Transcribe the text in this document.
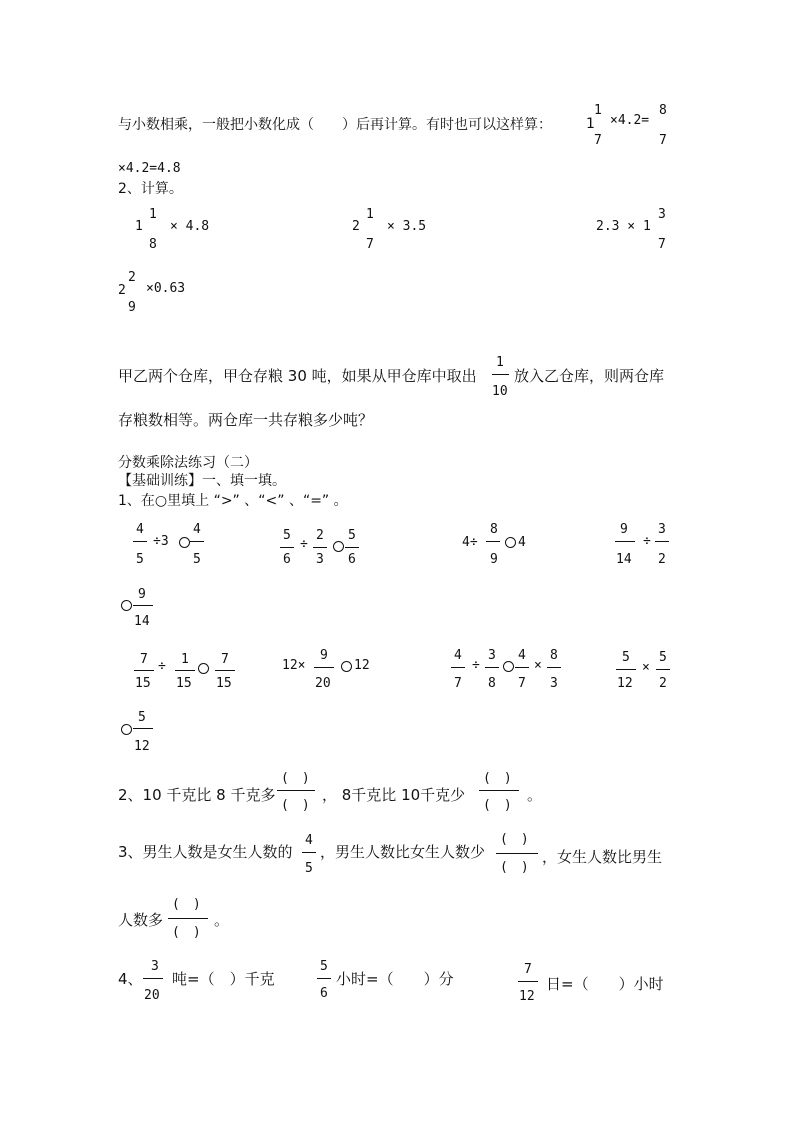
与小数相乘，一般把小数化成（　　）后再计算。有时也可以这样算： 1
1
7
×4.2=
8
7
×4.2=4.8
2、计算。
1
1
8
× 4.8	2
1
7
× 3.5	2.3 × 1
3
7
2
2
9
×0.63
甲乙两个仓库，甲仓存粮 30 吨，如果从甲仓库中取出
1
10
放入乙仓库，则两仓库
存粮数相等。两仓库一共存粮多少吨？
分数乘除法练习（二）
【基础训练】一、填一填。
1、在○里填上 “>” 、“<” 、“=” 。
4
5
÷3
4
5
5
6
÷
2
3
5
6
4÷
8
9
4
9
14
÷
3
2
9
14
7
15
÷ 1
15
7
15
12×
9
20
12
4
7
÷
3
8
4
7
×
8
3
5
12
×
5
2
5
12
2、10 千克比 8 千克多
(　)
(　)
， 8千克比 10千克少
(　)
(　)
。
3、男生人数是女生人数的
4
5
，男生人数比女生人数少
(　)
(　)
，女生人数比男生
人数多
(　)
(　)
。
4、
3
20
吨=（　）千克
5
6
小时=（　　）分
7
12
日=（　　）小时
